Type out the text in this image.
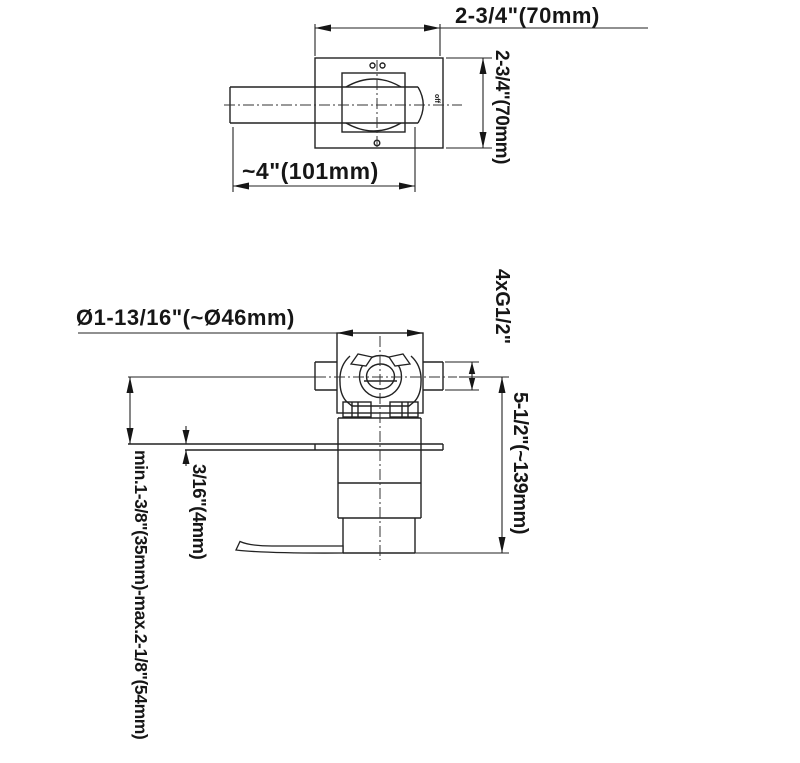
2-3/4"(70mm)
2-3/4"(70mm)
~4"(101mm)
off
Ø1-13/16"(~Ø46mm)	4xG1/2"
5-1/2"(~139mm)
min.1-3/8"(35mm)-max.2-1/8"(54mm)	3/16"(4mm)
